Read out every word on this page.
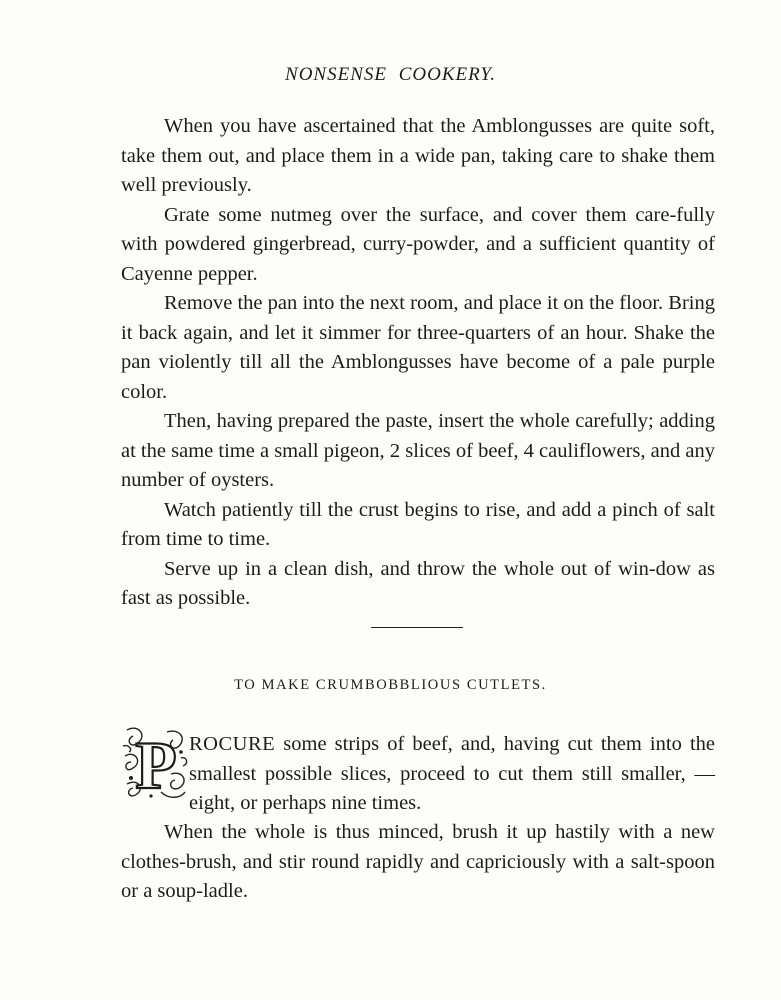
NONSENSE COOKERY.

When you have ascertained that the Amblongusses are quite soft, take them out, and place them in a wide pan, taking care to shake them well previously.

Grate some nutmeg over the surface, and cover them care-fully with powdered gingerbread, curry-powder, and a sufficient quantity of Cayenne pepper.

Remove the pan into the next room, and place it on the floor. Bring it back again, and let it simmer for three-quarters of an hour. Shake the pan violently till all the Amblongusses have become of a pale purple color.

Then, having prepared the paste, insert the whole carefully; adding at the same time a small pigeon, 2 slices of beef, 4 cauliflowers, and any number of oysters.

Watch patiently till the crust begins to rise, and add a pinch of salt from time to time.

Serve up in a clean dish, and throw the whole out of win-dow as fast as possible.

TO MAKE CRUMBOBBLIOUS CUTLETS.
P ROCURE some strips of beef, and, having cut them into the smallest possible slices, proceed to cut them still smaller, — eight, or perhaps nine times.

When the whole is thus minced, brush it up hastily with a new clothes-brush, and stir round rapidly and capriciously with a salt-spoon or a soup-ladle.
